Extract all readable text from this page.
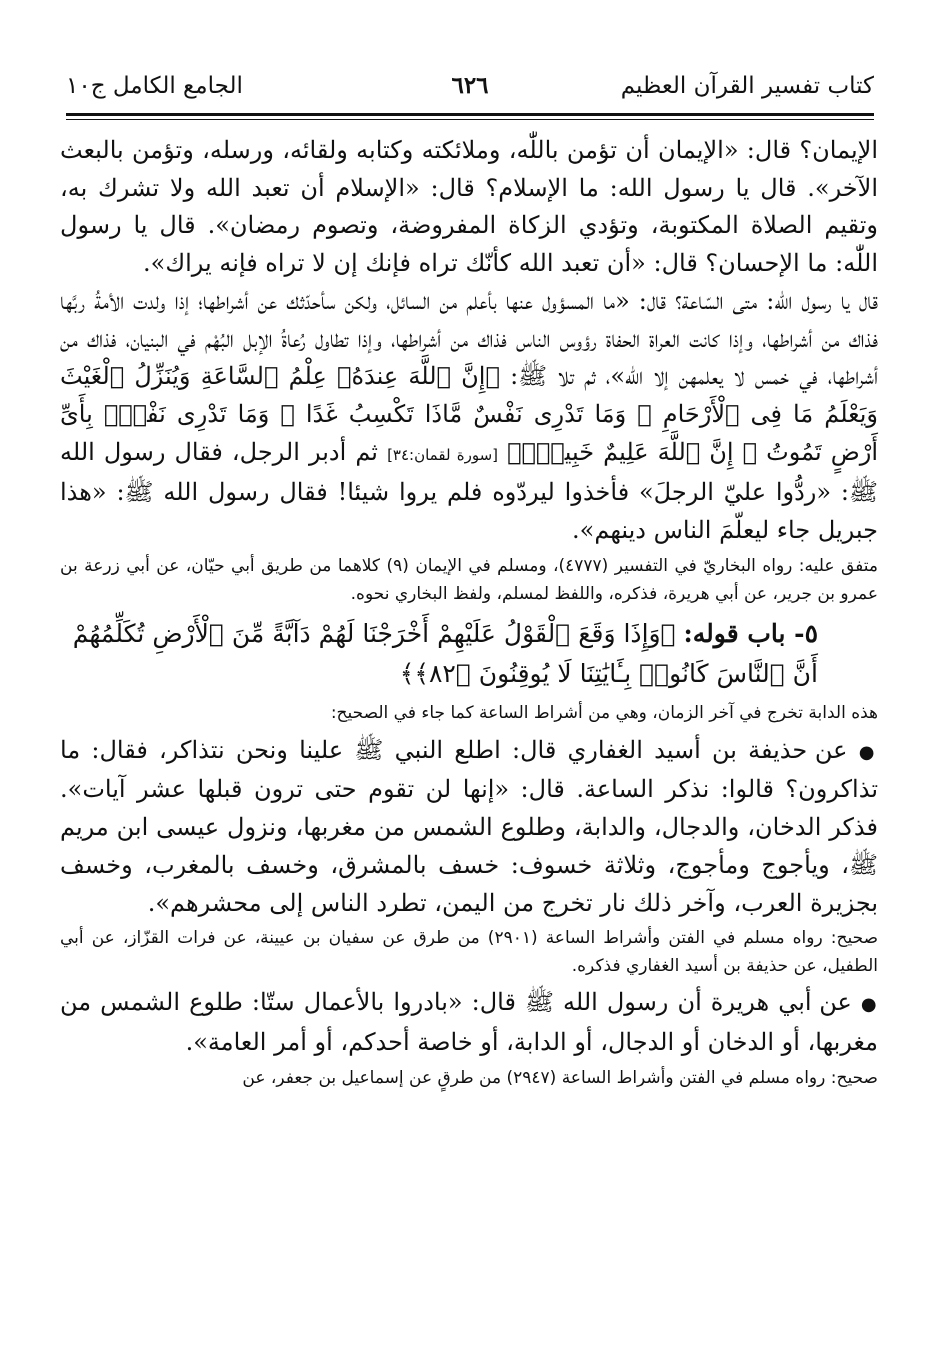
كتاب تفسير القرآن العظيم
٦٢٦
الجامع الكامل ج١٠

الإيمان؟ قال: «الإيمان أن تؤمن باللّٰه، وملائكته وكتابه ولقائه، ورسله، وتؤمن بالبعث الآخر». قال يا رسول الله: ما الإسلام؟ قال: «الإسلام أن تعبد الله ولا تشرك به، وتقيم الصلاة المكتوبة، وتؤدي الزكاة المفروضة، وتصوم رمضان». قال يا رسول اللّٰه: ما الإحسان؟ قال: «أن تعبد الله كأنّك تراه فإنك إن لا تراه فإنه يراك».

قال يا رسول اللّٰه: متى السّاعة؟ قال: «ما المسؤول عنها بأعلم من السائل، ولكن سأحدّثك عن أشراطها؛ إذا ولدت الأمةُ ربَّها فذاك من أشراطها، وإذا كانت العراة الحفاة رؤوس الناس فذاك من أشراطها، وإذا تطاول رُعاةُ الإبل البُهْم في البنيان، فذاك من أشراطها، في خمس لا يعلمهن إلا اللّٰه»، ثم تلا ﷺ: ﴿إِنَّ ٱللَّهَ عِندَهُۥ عِلْمُ ٱلسَّاعَةِ وَيُنَزِّلُ ٱلْغَيْثَ وَيَعْلَمُ مَا فِى ٱلْأَرْحَامِ ۖ وَمَا تَدْرِى نَفْسٌ مَّاذَا تَكْسِبُ غَدًا ۖ وَمَا تَدْرِى نَفْسٌۢ بِأَىِّ أَرْضٍ تَمُوتُ ۚ إِنَّ ٱللَّهَ عَلِيمٌ خَبِيرٌۢ﴾ [سورة لقمان:٣٤] ثم أدبر الرجل، فقال رسول الله ﷺ: «ردُّوا عليّ الرجلَ» فأخذوا ليردّوه فلم يروا شيئا! فقال رسول الله ﷺ: «هذا جبريل جاء ليعلّمَ الناس دينهم».

متفق عليه: رواه البخاريّ في التفسير (٤٧٧٧)، ومسلم في الإيمان (٩) كلاهما من طريق أبي حيّان، عن أبي زرعة بن عمرو بن جرير، عن أبي هريرة، فذكره، واللفظ لمسلم، ولفظ البخاري نحوه.

٥- باب قوله: ﴿وَإِذَا وَقَعَ ٱلْقَوْلُ عَلَيْهِمْ أَخْرَجْنَا لَهُمْ دَآبَّةً مِّنَ ٱلْأَرْضِ تُكَلِّمُهُمْ أَنَّ ٱلنَّاسَ كَانُوا۟ بِـَٔايَٰتِنَا لَا يُوقِنُونَ ﴿٨٢﴾﴾

هذه الدابة تخرج في آخر الزمان، وهي من أشراط الساعة كما جاء في الصحيح:

● عن حذيفة بن أسيد الغفاري قال: اطلع النبي ﷺ علينا ونحن نتذاكر، فقال: ما تذاكرون؟ قالوا: نذكر الساعة. قال: «إنها لن تقوم حتى ترون قبلها عشر آيات». فذكر الدخان، والدجال، والدابة، وطلوع الشمس من مغربها، ونزول عيسى ابن مريم ﷺ، ويأجوج ومأجوج، وثلاثة خسوف: خسف بالمشرق، وخسف بالمغرب، وخسف بجزيرة العرب، وآخر ذلك نار تخرج من اليمن، تطرد الناس إلى محشرهم».

صحيح: رواه مسلم في الفتن وأشراط الساعة (٢٩٠١) من طرق عن سفيان بن عيينة، عن فرات القزّاز، عن أبي الطفيل، عن حذيفة بن أسيد الغفاري فذكره.

● عن أبي هريرة أن رسول الله ﷺ قال: «بادروا بالأعمال ستّا: طلوع الشمس من مغربها، أو الدخان أو الدجال، أو الدابة، أو خاصة أحدكم، أو أمر العامة».

صحيح: رواه مسلم في الفتن وأشراط الساعة (٢٩٤٧) من طرقٍ عن إسماعيل بن جعفر، عن
